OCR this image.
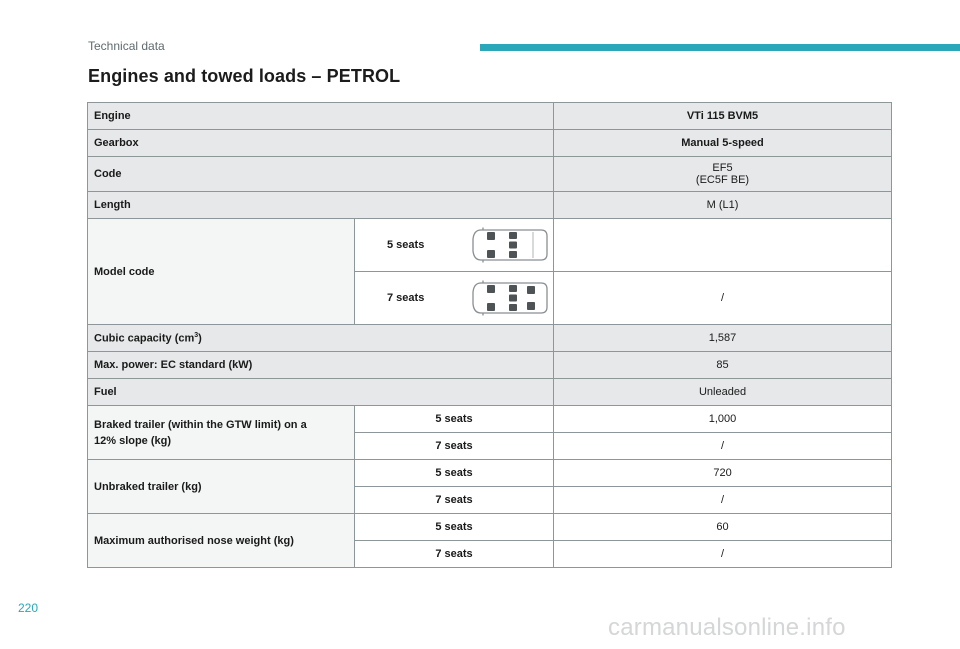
Technical data
Engines and towed loads – PETROL
Engine		VTi 115 BVM5
Gearbox		Manual 5-speed
Code		EF5
(EC5F BE)

Length		M (L1)
Model code	5 seats	

	7 seats	/
Cubic capacity $(cm^3)$		1,587
Max. power: EC standard (kW)		85
Fuel		Unleaded

Braked trailer (within the GTW limit) on a
12% slope (kg)	5 seats	1,000
	7 seats	/
Unbraked trailer (kg)	5 seats	720
	7 seats	/
Maximum authorised nose weight (kg)	5 seats	60
	7 seats	/
220
carmanualsonline.info
